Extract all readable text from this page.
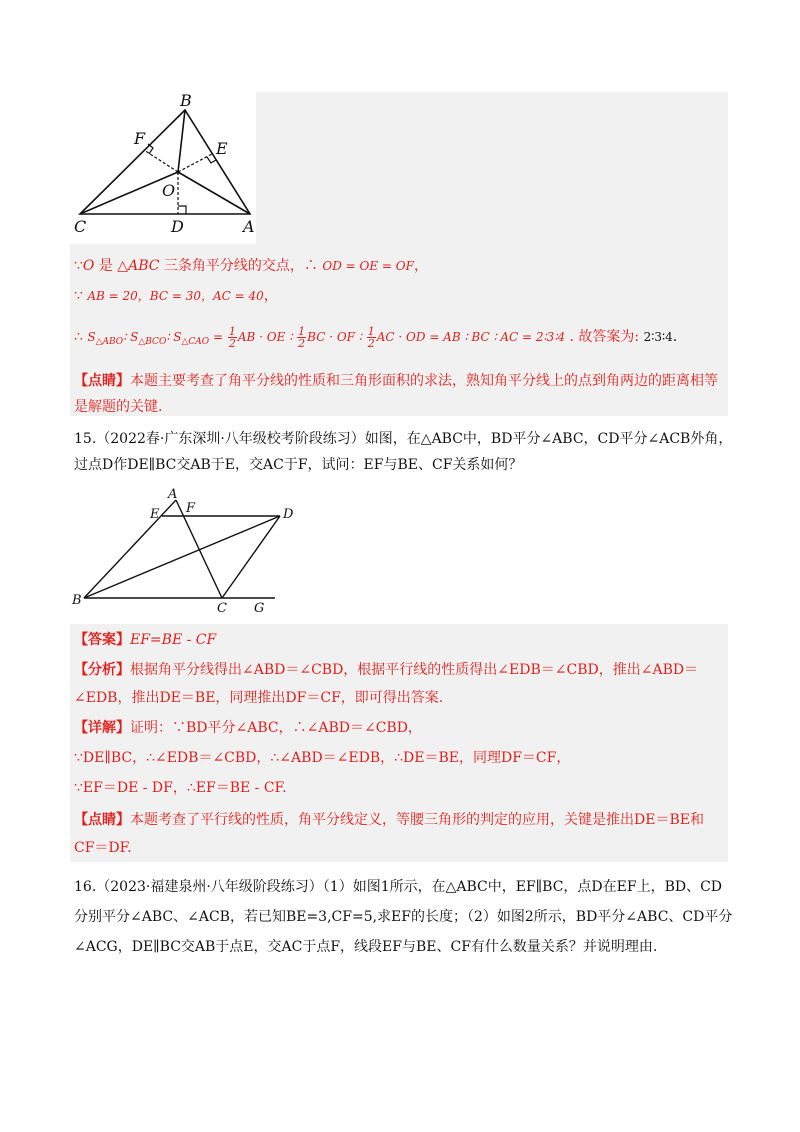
B
F
E
O
C	D	A
∵O 是 △ABC 三条角平分线的交点，∴ OD = OE = OF，
∵ AB = 20，BC = 30，AC = 40，
∴ $S_{\triangle ABO}∶$ $S_{\triangle BCO}∶$ $S_{\triangle CAO} = \frac{1}{2}$ AB · OE ∶ $\frac{1}{2}$ BC · OF ∶ $\frac{1}{2}$ AC · OD = AB ∶ BC ∶ AC = 2∶3∶4 . 故答案为: 2∶3∶4.
【点睛】本题主要考查了角平分线的性质和三角形面积的求法，熟知角平分线上的点到角两边的距离相等是解题的关键.
15.（2022春·广东深圳·八年级校考阶段练习）如图，在△ABC中，BD平分∠ABC，CD平分∠ACB外角，过点D作DE∥BC交AB于E，交AC于F，试问：EF与BE、CF关系如何？
A
E F	D
B
C G
【答案】EF=BE - CF
【分析】根据角平分线得出∠ABD＝∠CBD，根据平行线的性质得出∠EDB＝∠CBD，推出∠ABD＝∠EDB，推出DE＝BE，同理推出DF＝CF，即可得出答案.
【详解】证明：∵BD平分∠ABC，∴∠ABD＝∠CBD，
∵DE∥BC，∴∠EDB＝∠CBD，∴∠ABD＝∠EDB，∴DE＝BE，同理DF＝CF，
∵EF＝DE - DF，∴EF＝BE - CF.
【点睛】本题考查了平行线的性质，角平分线定义，等腰三角形的判定的应用，关键是推出DE＝BE和CF＝DF.
16.（2023·福建泉州·八年级阶段练习）（1）如图1所示，在△ABC中，EF∥BC，点D在EF上，BD、CD分别平分∠ABC、∠ACB，若已知BE=3,CF=5,求EF的长度；（2）如图2所示，BD平分∠ABC、CD平分∠ACG，DE∥BC交AB于点E，交AC于点F，线段EF与BE、CF有什么数量关系？并说明理由.
